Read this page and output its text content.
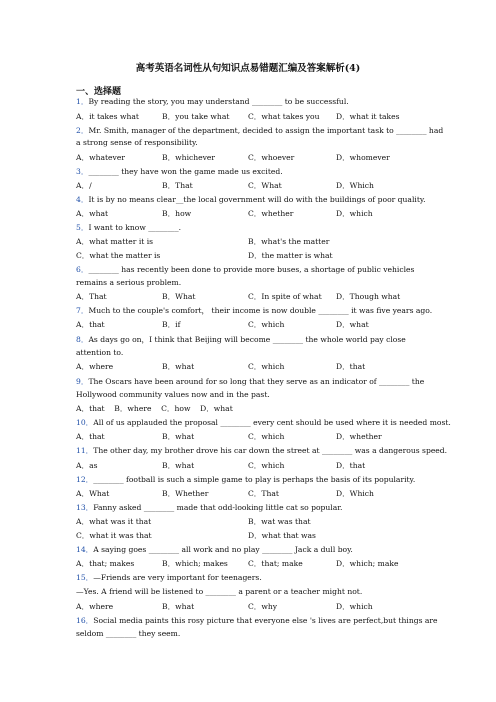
高考英语名词性从句知识点易错题汇编及答案解析(4)
一、选择题
1．By reading the story, you may understand ________ to be successful.
A．it takes what	B．you take what C．what takes you D．what it takes
2．Mr. Smith, manager of the department, decided to assign the important task to ________ had
a strong sense of responsibility.
A．whatever	B．whichever	C．whoever	D．whomever
3．________ they have won the game made us excited.
A．/	B．That	C．What	D．Which
4．It is by no means clear__the local government will do with the buildings of poor quality.
A．what	B．how	C．whether	D．which
5．I want to know ________.
A．what matter it is	B．what's the matter
C．what the matter is	D．the matter is what
6．________ has recently been done to provide more buses, a shortage of public vehicles
remains a serious problem.
A．That	B．What	C．In spite of what D．Though what
7．Much to the couple's comfort， their income is now double ________ it was five years ago.
A．that	B．if	C．which	D．what
8．As days go on，I think that Beijing will become ________ the whole world pay close
attention to.
A．where	B．what	C．which	D．that
9．The Oscars have been around for so long that they serve as an indicator of ________ the
Hollywood community values now and in the past.
A．that    B．where    C．how    D．what
10．All of us applauded the proposal ________ every cent should be used where it is needed most.
A．that	B．what	C．which	D．whether
11．The other day, my brother drove his car down the street at ________ was a dangerous speed.
A．as	B．what	C．which	D．that
12．________ football is such a simple game to play is perhaps the basis of its popularity.
A．What	B．Whether	C．That	D．Which
13．Fanny asked ________ made that odd-looking little cat so popular.
A．what was it that	B．wat was that
C．what it was that	D．what that was
14．A saying goes ________ all work and no play ________ Jack a dull boy.
A．that; makes	B．which; makes	C．that; make	D．which; make
15．—Friends are very important for teenagers.
—Yes. A friend will be listened to ________ a parent or a teacher might not.
A．where	B．what	C．why	D．which
16．Social media paints this rosy picture that everyone else 's lives are perfect,but things are
seldom ________ they seem.
